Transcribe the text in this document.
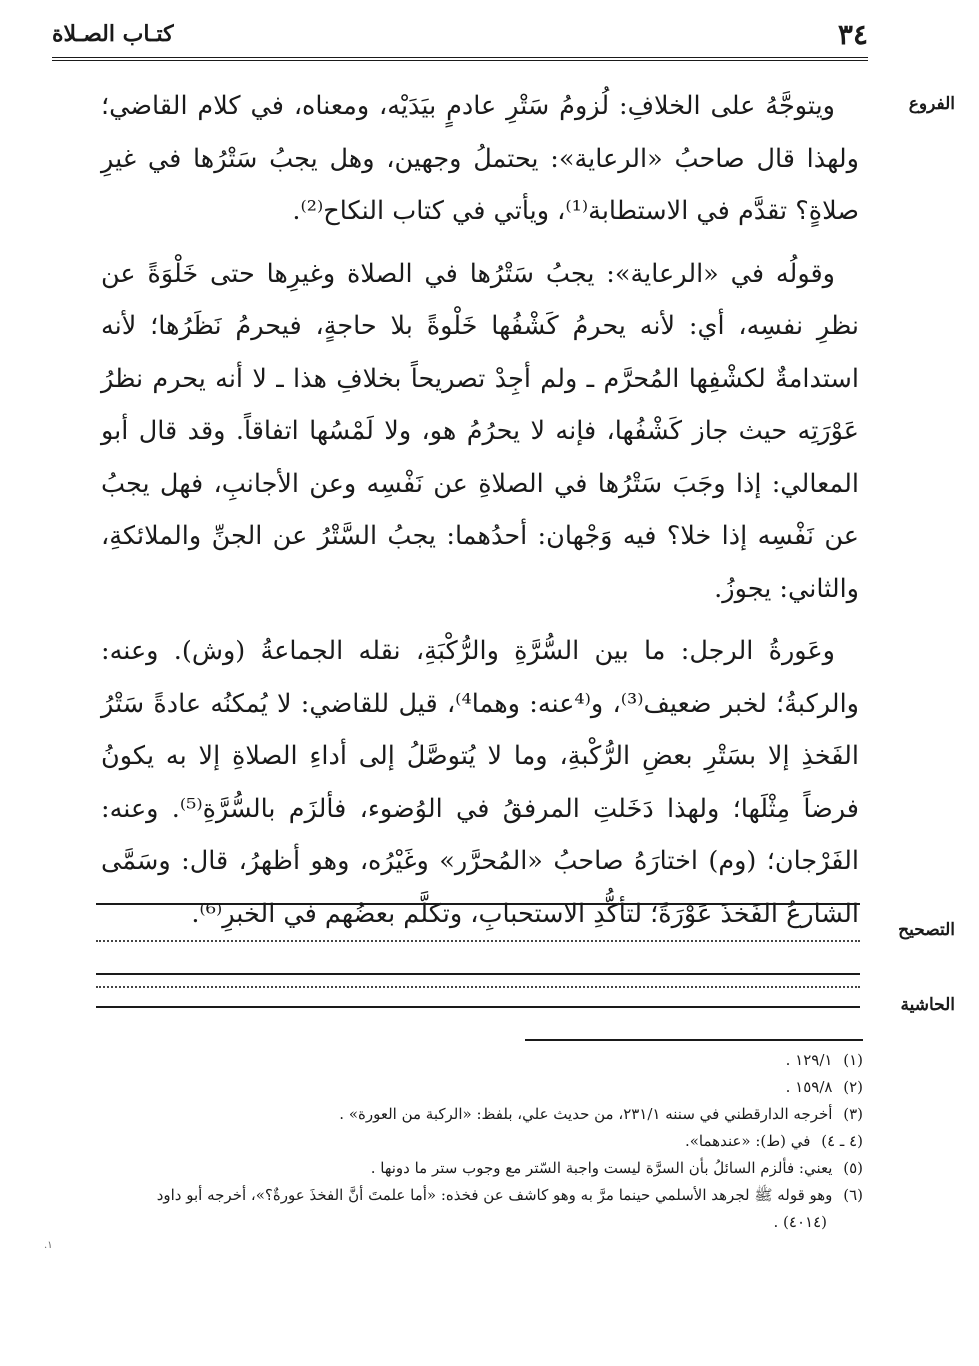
٣٤
كتـاب الصـلاة
الفروع

ويتوجَّهُ على الخلافِ: لُزومُ سَتْرِ عادمٍ بيَدَيْه، ومعناه، في كلام القاضي؛ ولهذا قال صاحبُ «الرعاية»: يحتملُ وجهين، وهل يجبُ سَتْرُها في غيرِ صلاةٍ؟ تقدَّم في الاستطابة⁽¹⁾، ويأتي في كتاب النكاح⁽²⁾.

وقولُه في «الرعاية»: يجبُ سَتْرُها في الصلاة وغيرِها حتى خَلْوَةً عن نظرِ نفسِه، أي: لأنه يحرمُ كَشْفُها خَلْوةً بلا حاجةٍ، فيحرمُ نَظَرُها؛ لأنه استدامةٌ لكشْفِها المُحرَّم ـ ولم أجِدْ تصريحاً بخلافِ هذا ـ لا أنه يحرم نظرُ عَوْرَتِه حيث جاز كَشْفُها، فإنه لا يحرُمُ هو، ولا لَمْسُها اتفاقاً. وقد قال أبو المعالي: إذا وجَبَ سَتْرُها في الصلاةِ عن نَفْسِه وعن الأجانبِ، فهل يجبُ عن نَفْسِه إذا خلا؟ فيه وَجْهان: أحدُهما: يجبُ السَّتْرُ عن الجنِّ والملائكةِ، والثاني: يجوزُ.

وعَورةُ الرجل: ما بين السُّرَّةِ والرُّكْبَةِ، نقله الجماعةُ (وش). وعنه: والركبةُ؛ لخبر ضعيف⁽³⁾، و⁽⁴عنه: وهما⁴⁾، قيل للقاضي: لا يُمكنُه عادةً سَتْرُ الفَخذِ إلا بسَتْرِ بعضِ الرُّكْبةِ، وما لا يُتوصَّلُ إلى أداءِ الصلاةِ إلا به يكونُ فرضاً مِثْلَها؛ ولهذا دَخَلتِ المرفقُ في الوُضوء، فألزَم بالسُّرَّةِ⁽⁵⁾. وعنه: الفَرْجان؛ (وم) اختارَهُ صاحبُ «المُحرَّر» وغَيْرُه، وهو أظهرُ، قال: وسَمَّى الشارعُ الفَخذَ عَوْرَةً؛ لتأكُّدِ الاستحبابِ، وتكلَّم بعضُهم في الخبرِ⁽⁶⁾.

التصحيح
الحاشية

(١) ١٢٩/١ .

(٢) ١٥٩/٨ .

(٣) أخرجه الدارقطني في سننه ٢٣١/١، من حديث علي، بلفظ: «الركبة من العورة» .

(٤ ـ ٤) في (ط): «عندهما».

(٥) يعني: فألزم السائلُ بأن السرَّة ليست واجبة السّتر مع وجوب ستر ما دونها .

(٦) وهو قوله ﷺ لجرهد الأسلمي حينما مرَّ به وهو كاشف عن فخذه: «أما علمتَ أنَّ الفخذَ عورةٌ؟»، أخرجه أبو داود
(٤٠١٤) .

١.
